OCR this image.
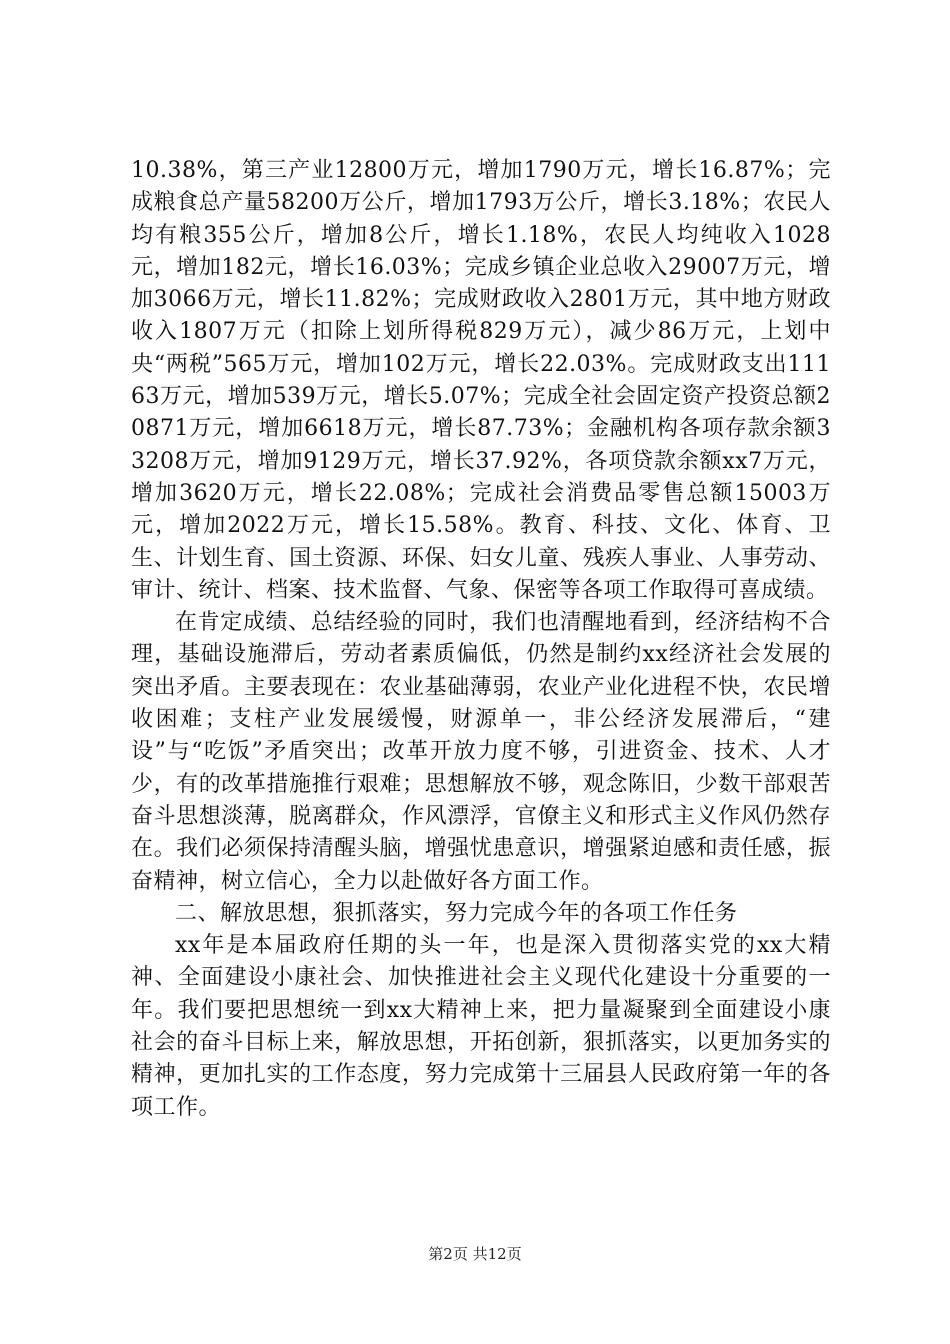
10.38%，第三产业12800万元，增加1790万元，增长16.87%；完成粮食总产量58200万公斤，增加1793万公斤，增长3.18%；农民人均有粮355公斤，增加8公斤，增长1.18%，农民人均纯收入1028元，增加182元，增长16.03%；完成乡镇企业总收入29007万元，增加3066万元，增长11.82%；完成财政收入2801万元，其中地方财政收入1807万元（扣除上划所得税829万元），减少86万元，上划中央“两税”565万元，增加102万元，增长22.03%。完成财政支出11163万元，增加539万元，增长5.07%；完成全社会固定资产投资总额20871万元，增加6618万元，增长87.73%；金融机构各项存款余额33208万元，增加9129万元，增长37.92%，各项贷款余额xx7万元，增加3620万元，增长22.08%；完成社会消费品零售总额15003万元，增加2022万元，增长15.58%。教育、科技、文化、体育、卫生、计划生育、国土资源、环保、妇女儿童、残疾人事业、人事劳动、审计、统计、档案、技术监督、气象、保密等各项工作取得可喜成绩。

在肯定成绩、总结经验的同时，我们也清醒地看到，经济结构不合理，基础设施滞后，劳动者素质偏低，仍然是制约xx经济社会发展的突出矛盾。主要表现在：农业基础薄弱，农业产业化进程不快，农民增收困难；支柱产业发展缓慢，财源单一，非公经济发展滞后，“建设”与“吃饭”矛盾突出；改革开放力度不够，引进资金、技术、人才少，有的改革措施推行艰难；思想解放不够，观念陈旧，少数干部艰苦奋斗思想淡薄，脱离群众，作风漂浮，官僚主义和形式主义作风仍然存在。我们必须保持清醒头脑，增强忧患意识，增强紧迫感和责任感，振奋精神，树立信心，全力以赴做好各方面工作。

二、解放思想，狠抓落实，努力完成今年的各项工作任务

xx年是本届政府任期的头一年，也是深入贯彻落实党的xx大精神、全面建设小康社会、加快推进社会主义现代化建设十分重要的一年。我们要把思想统一到xx大精神上来，把力量凝聚到全面建设小康社会的奋斗目标上来，解放思想，开拓创新，狠抓落实，以更加务实的精神，更加扎实的工作态度，努力完成第十三届县人民政府第一年的各项工作。

第2页 共12页
